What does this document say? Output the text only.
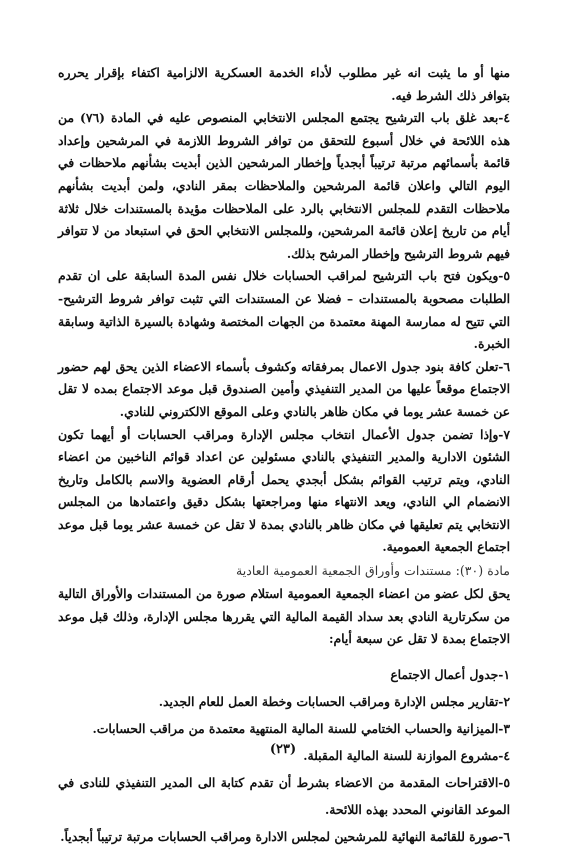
منها أو ما يثبت انه غير مطلوب لأداء الخدمة العسكرية الالزامية اكتفاء بإقرار يحرره بتوافر ذلك الشرط فيه.

٤-بعد غلق باب الترشيح يجتمع المجلس الانتخابي المنصوص عليه في المادة (٧٦) من هذه اللائحة في خلال أسبوع للتحقق من توافر الشروط اللازمة في المرشحين وإعداد قائمة بأسمائهم مرتبة ترتيباً أبجدياً وإخطار المرشحين الذين أبديت بشأنهم ملاحظات في اليوم التالي واعلان قائمة المرشحين والملاحظات بمقر النادي، ولمن أبديت بشأنهم ملاحظات التقدم للمجلس الانتخابي بالرد على الملاحظات مؤيدة بالمستندات خلال ثلاثة أيام من تاريخ إعلان قائمة المرشحين، وللمجلس الانتخابي الحق في استبعاد من لا تتوافر فيهم شروط الترشيح وإخطار المرشح بذلك.

٥-ويكون فتح باب الترشيح لمراقب الحسابات خلال نفس المدة السابقة على ان تقدم الطلبات مصحوبة بالمستندات – فضلا عن المستندات التي تثبت توافر شروط الترشيح- التي تتيح له ممارسة المهنة معتمدة من الجهات المختصة وشهادة بالسيرة الذاتية وسابقة الخبرة.

٦-تعلن كافة بنود جدول الاعمال بمرفقاته وكشوف بأسماء الاعضاء الذين يحق لهم حضور الاجتماع موقعاً عليها من المدير التنفيذي وأمين الصندوق قبل موعد الاجتماع بمده لا تقل عن خمسة عشر يوما في مكان ظاهر بالنادي وعلى الموقع الالكتروني للنادي.

٧-وإذا تضمن جدول الأعمال انتخاب مجلس الإدارة ومراقب الحسابات أو أيهما تكون الشئون الادارية والمدير التنفيذي بالنادي مسئولين عن اعداد قوائم الناخبين من اعضاء النادي، ويتم ترتيب القوائم بشكل أبجدي يحمل أرقام العضوية والاسم بالكامل وتاريخ الانضمام الي النادي، ويعد الانتهاء منها ومراجعتها بشكل دقيق واعتمادها من المجلس الانتخابي يتم تعليقها في مكان ظاهر بالنادي بمدة لا تقل عن خمسة عشر يوما قبل موعد اجتماع الجمعية العمومية.

مادة (٣٠): مستندات وأوراق الجمعية العمومية العادية

يحق لكل عضو من اعضاء الجمعية العمومية استلام صورة من المستندات والأوراق التالية من سكرتارية النادي بعد سداد القيمة المالية التي يقررها مجلس الإدارة، وذلك قبل موعد الاجتماع بمدة لا تقل عن سبعة أيام:

١-جدول أعمال الاجتماع

٢-تقارير مجلس الإدارة ومراقب الحسابات وخطة العمل للعام الجديد.

٣-الميزانية والحساب الختامي للسنة المالية المنتهية معتمدة من مراقب الحسابات.

٤-مشروع الموازنة للسنة المالية المقبلة.

٥-الاقتراحات المقدمة من الاعضاء بشرط أن تقدم كتابة الى المدير التنفيذي للنادى في الموعد القانوني المحدد بهذه اللائحة.

٦-صورة للقائمة النهائية للمرشحين لمجلس الادارة ومراقب الحسابات مرتبة ترتيباً أبجدياً.

(٢٣)
